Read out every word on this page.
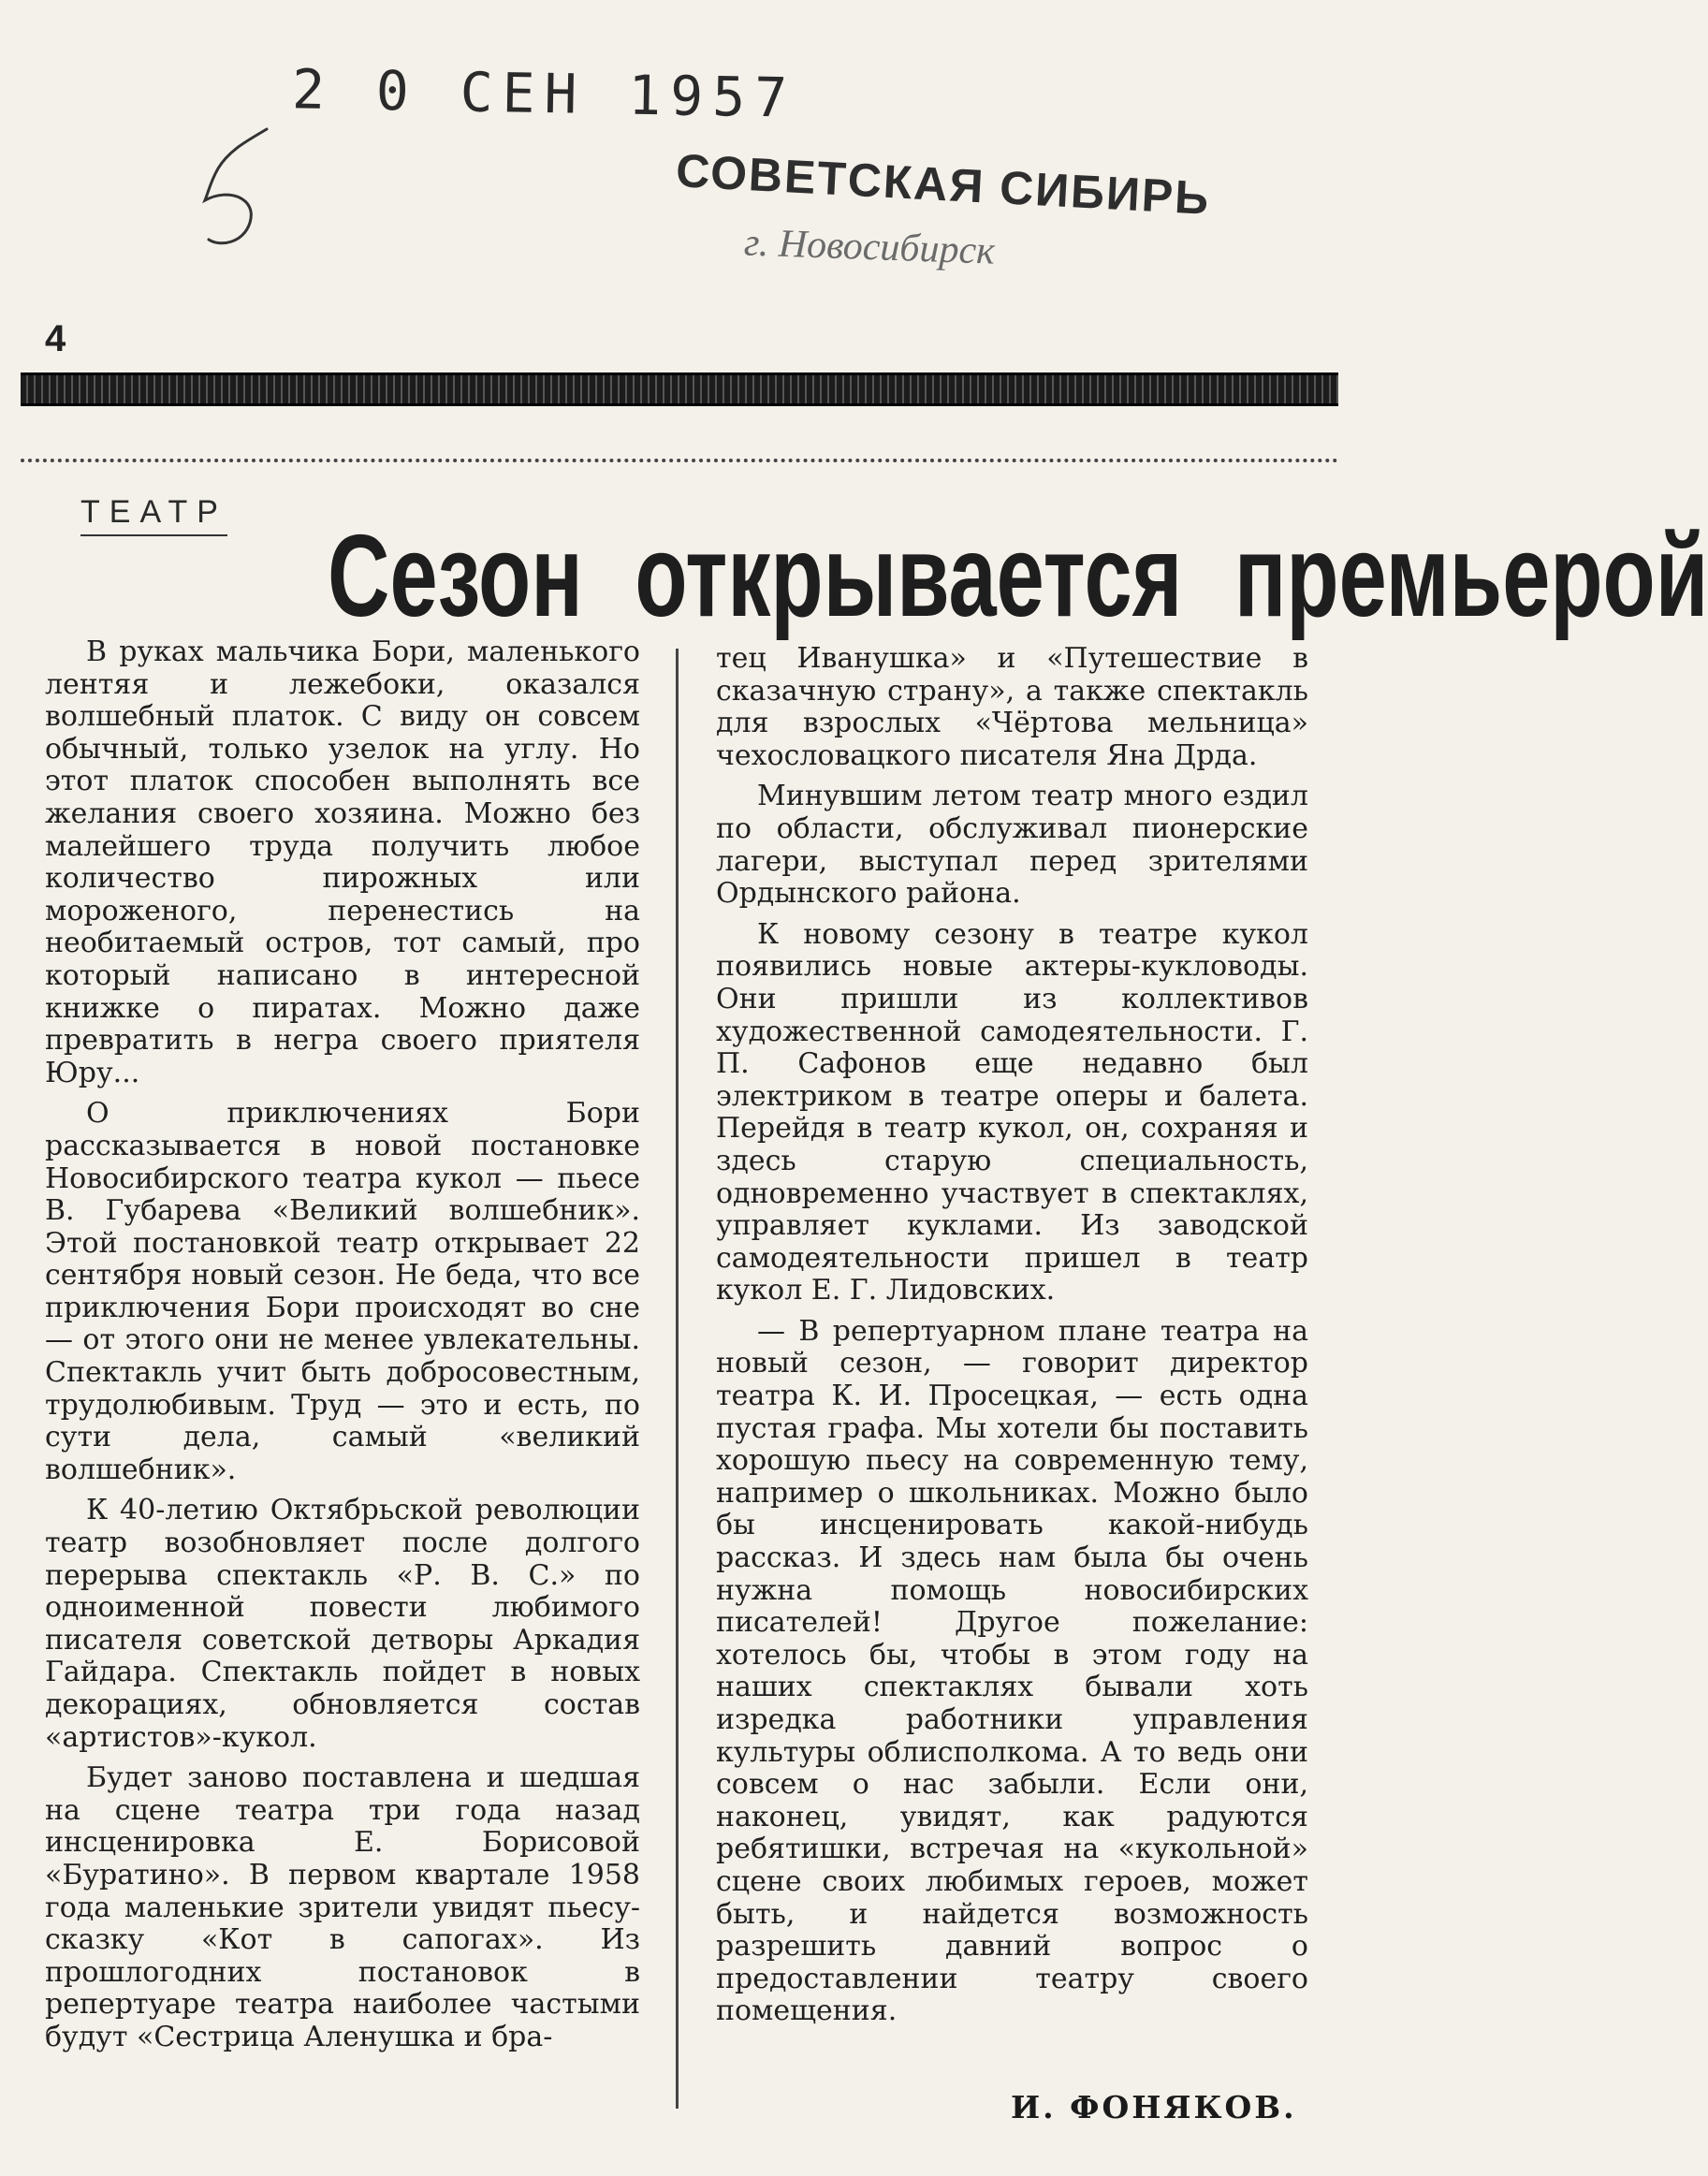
2 0 СЕН 1957
СОВЕТСКАЯ СИБИРЬ
г. Новосибирск
4
ТЕАТР
Сезон открывается премьерой

В руках мальчика Бори, маленького лентяя и лежебоки, оказался волшебный платок. С виду он совсем обычный, только узелок на углу. Но этот платок способен выполнять все желания своего хозяина. Можно без малейшего труда получить любое количество пирожных или мороженого, перенестись на необитаемый остров, тот самый, про который написано в интересной книжке о пиратах. Можно даже превратить в негра своего приятеля Юру...

О приключениях Бори рассказывается в новой постановке Новосибирского театра кукол — пьесе В. Губарева «Великий волшебник». Этой постановкой театр открывает 22 сентября новый сезон. Не беда, что все приключения Бори происходят во сне — от этого они не менее увлекательны. Спектакль учит быть добросовестным, трудолюбивым. Труд — это и есть, по сути дела, самый «великий волшебник».

К 40-летию Октябрьской революции театр возобновляет после долгого перерыва спектакль «Р. В. С.» по одноименной повести любимого писателя советской детворы Аркадия Гайдара. Спектакль пойдет в новых декорациях, обновляется состав «артистов»-кукол.

Будет заново поставлена и шедшая на сцене театра три года назад инсценировка Е. Борисовой «Буратино». В первом квартале 1958 года маленькие зрители увидят пьесу-сказку «Кот в сапогах». Из прошлогодних постановок в репертуаре театра наиболее частыми будут «Сестрица Аленушка и бра-

тец Иванушка» и «Путешествие в сказачную страну», а также спектакль для взрослых «Чёртова мельница» чехословацкого писателя Яна Дрда.

Минувшим летом театр много ездил по области, обслуживал пионерские лагери, выступал перед зрителями Ордынского района.

К новому сезону в театре кукол появились новые актеры-кукловоды. Они пришли из коллективов художественной самодеятельности. Г. П. Сафонов еще недавно был электриком в театре оперы и балета. Перейдя в театр кукол, он, сохраняя и здесь старую специальность, одновременно участвует в спектаклях, управляет куклами. Из заводской самодеятельности пришел в театр кукол Е. Г. Лидовских.

— В репертуарном плане театра на новый сезон, — говорит директор театра К. И. Просецкая, — есть одна пустая графа. Мы хотели бы поставить хорошую пьесу на современную тему, например о школьниках. Можно было бы инсценировать какой-нибудь рассказ. И здесь нам была бы очень нужна помощь новосибирских писателей! Другое пожелание: хотелось бы, чтобы в этом году на наших спектаклях бывали хоть изредка работники управления культуры облисполкома. А то ведь они совсем о нас забыли. Если они, наконец, увидят, как радуются ребятишки, встречая на «кукольной» сцене своих любимых героев, может быть, и найдется возможность разрешить давний вопрос о предоставлении театру своего помещения.

И. ФОНЯКОВ.
